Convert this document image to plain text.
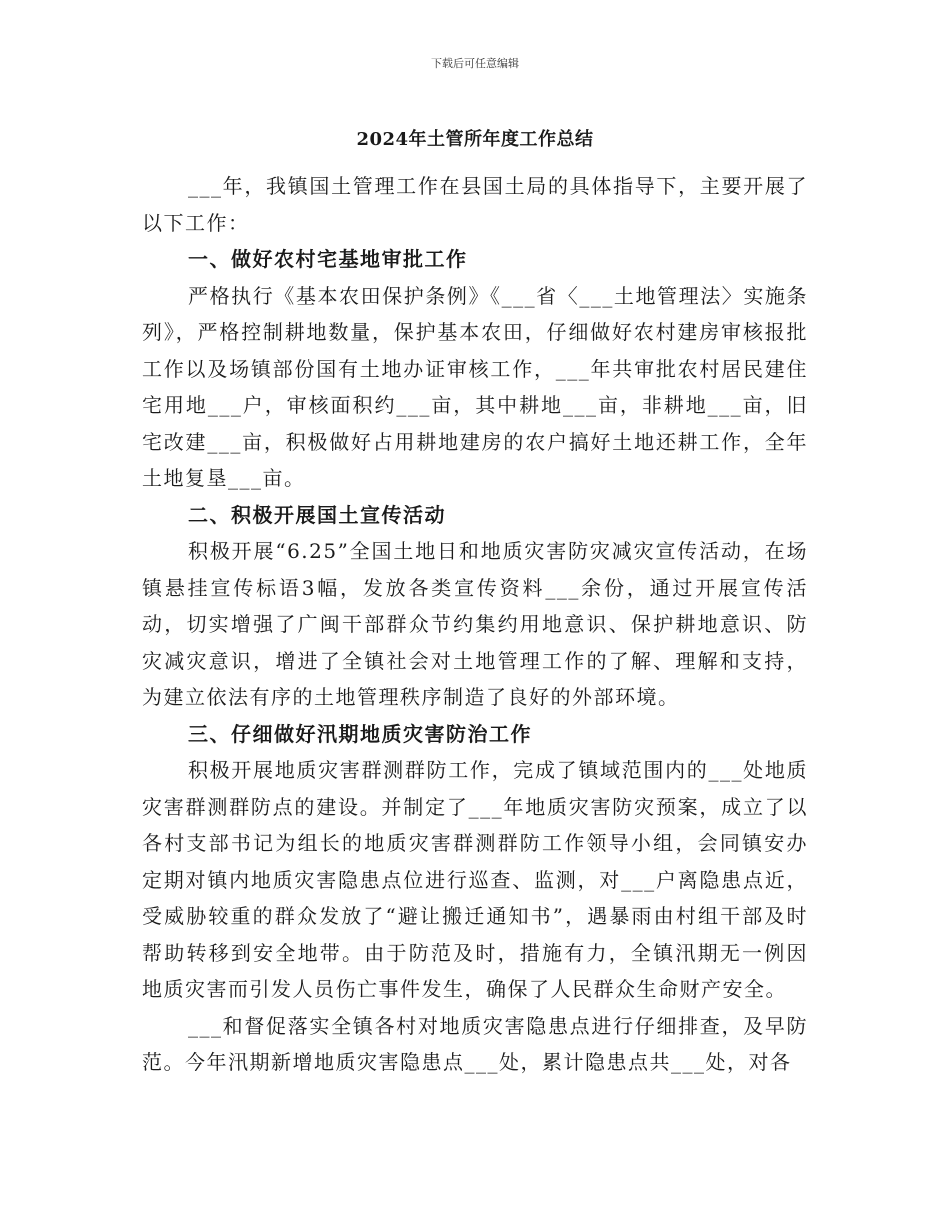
下载后可任意编辑
2024年土管所年度工作总结

___年，我镇国土管理工作在县国土局的具体指导下，主要开展了以下工作：

一、做好农村宅基地审批工作

严格执行《基本农田保护条例》《___省〈___土地管理法〉实施条列》，严格控制耕地数量，保护基本农田，仔细做好农村建房审核报批工作以及场镇部份国有土地办证审核工作，___年共审批农村居民建住宅用地___户，审核面积约___亩，其中耕地___亩，非耕地___亩，旧宅改建___亩，积极做好占用耕地建房的农户搞好土地还耕工作，全年土地复垦___亩。

二、积极开展国土宣传活动

积极开展“6.25”全国土地日和地质灾害防灾减灾宣传活动，在场镇悬挂宣传标语3幅，发放各类宣传资料___余份，通过开展宣传活动，切实增强了广闽干部群众节约集约用地意识、保护耕地意识、防灾减灾意识，增进了全镇社会对土地管理工作的了解、理解和支持，为建立依法有序的土地管理秩序制造了良好的外部环境。

三、仔细做好汛期地质灾害防治工作

积极开展地质灾害群测群防工作，完成了镇域范围内的___处地质灾害群测群防点的建设。并制定了___年地质灾害防灾预案，成立了以各村支部书记为组长的地质灾害群测群防工作领导小组，会同镇安办定期对镇内地质灾害隐患点位进行巡查、监测，对___户离隐患点近，受威胁较重的群众发放了“避让搬迁通知书”，遇暴雨由村组干部及时帮助转移到安全地带。由于防范及时，措施有力，全镇汛期无一例因地质灾害而引发人员伤亡事件发生，确保了人民群众生命财产安全。

___和督促落实全镇各村对地质灾害隐患点进行仔细排查，及早防范。今年汛期新增地质灾害隐患点___处，累计隐患点共___处，对各
